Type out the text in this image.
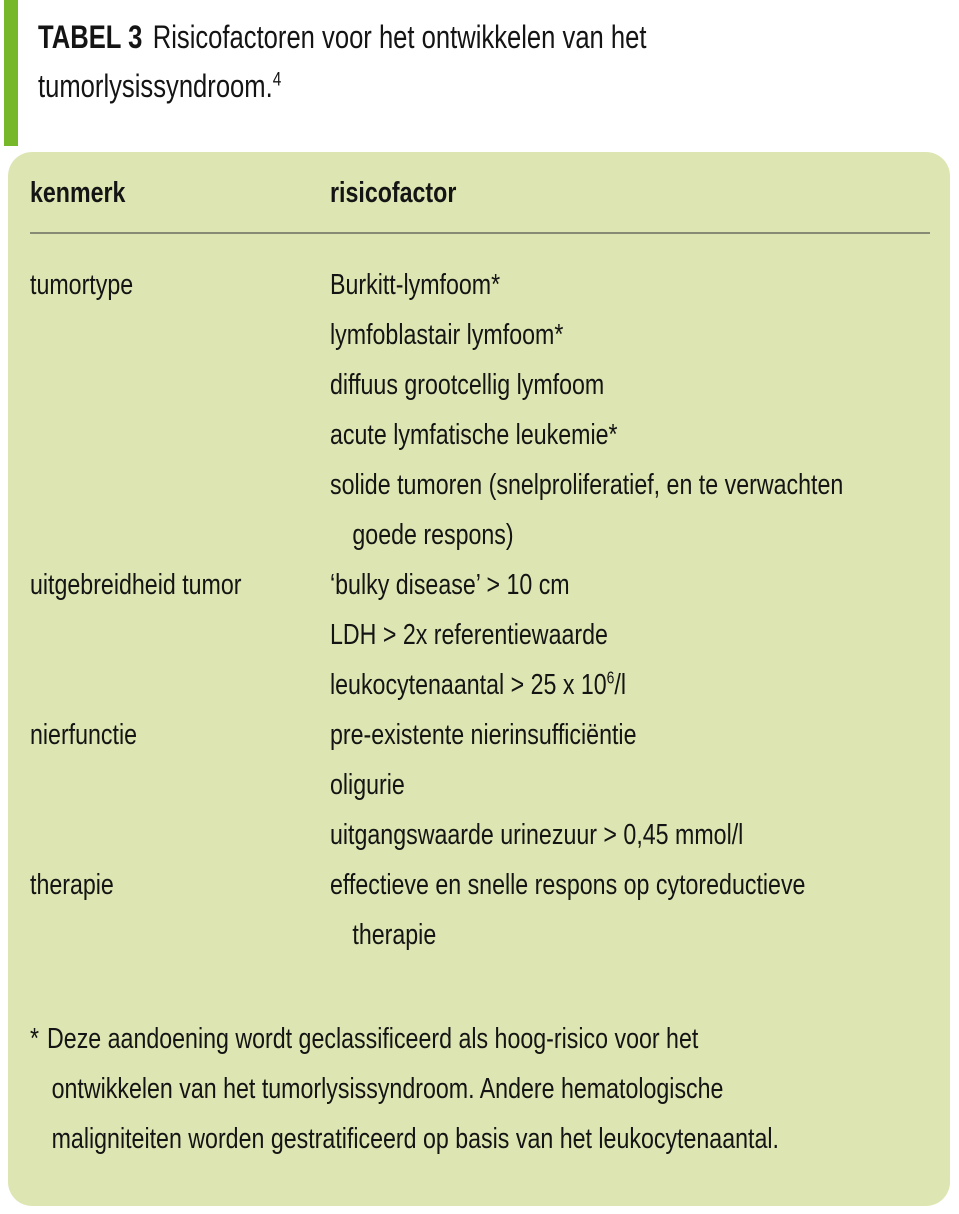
TABEL 3 Risicofactoren voor het ontwikkelen van het
tumorlysissyndroom.$^4$
kenmerk	risicofactor
tumortype	Burkitt-lymfoom*
lymfoblastair lymfoom*
diffuus grootcellig lymfoom
acute lymfatische leukemie*
solide tumoren (snelproliferatief, en te verwachten
goede respons)
uitgebreidheid tumor	‘bulky disease’ > 10 cm
LDH > 2x referentiewaarde
leukocytenaantal > 25 x $10^6/l$
nierfunctie	pre-existente nierinsufficiëntie
oligurie
uitgangswaarde urinezuur > 0,45 mmol/l
therapie	effectieve en snelle respons op cytoreductieve
therapie
* Deze aandoening wordt geclassificeerd als hoog-risico voor het
ontwikkelen van het tumorlysissyndroom. Andere hematologische
maligniteiten worden gestratificeerd op basis van het leukocytenaantal.
